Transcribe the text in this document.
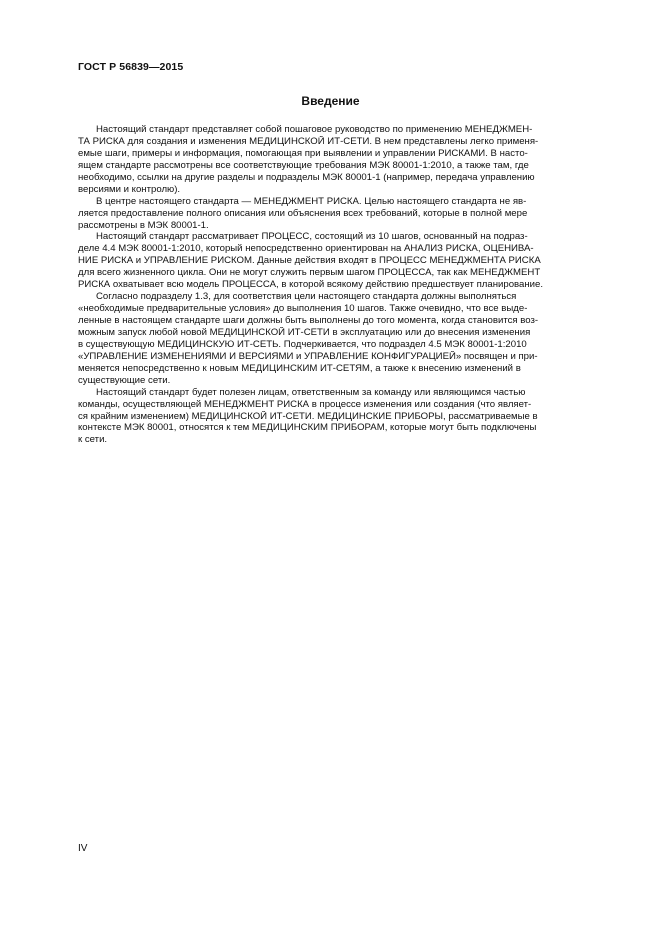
ГОСТ Р 56839—2015
Введение
Настоящий стандарт представляет собой пошаговое руководство по применению МЕНЕДЖМЕН-
ТА РИСКА для создания и изменения МЕДИЦИНСКОЙ ИТ-СЕТИ. В нем представлены легко применя-
емые шаги, примеры и информация, помогающая при выявлении и управлении РИСКАМИ. В насто-
ящем стандарте рассмотрены все соответствующие требования МЭК 80001-1:2010, а также там, где
необходимо, ссылки на другие разделы и подразделы МЭК 80001-1 (например, передача управлению
версиями и контролю).
В центре настоящего стандарта — МЕНЕДЖМЕНТ РИСКА. Целью настоящего стандарта не яв-
ляется предоставление полного описания или объяснения всех требований, которые в полной мере
рассмотрены в МЭК 80001-1.
Настоящий стандарт рассматривает ПРОЦЕСС, состоящий из 10 шагов, основанный на подраз-
деле 4.4 МЭК 80001-1:2010, который непосредственно ориентирован на АНАЛИЗ РИСКА, ОЦЕНИВА-
НИЕ РИСКА и УПРАВЛЕНИЕ РИСКОМ. Данные действия входят в ПРОЦЕСС МЕНЕДЖМЕНТА РИСКА
для всего жизненного цикла. Они не могут служить первым шагом ПРОЦЕССА, так как МЕНЕДЖМЕНТ
РИСКА охватывает всю модель ПРОЦЕССА, в которой всякому действию предшествует планирование.
Согласно подразделу 1.3, для соответствия цели настоящего стандарта должны выполняться
«необходимые предварительные условия» до выполнения 10 шагов. Также очевидно, что все выде-
ленные в настоящем стандарте шаги должны быть выполнены до того момента, когда становится воз-
можным запуск любой новой МЕДИЦИНСКОЙ ИТ-СЕТИ в эксплуатацию или до внесения изменения
в существующую МЕДИЦИНСКУЮ ИТ-СЕТЬ. Подчеркивается, что подраздел 4.5 МЭК 80001-1:2010
«УПРАВЛЕНИЕ ИЗМЕНЕНИЯМИ И ВЕРСИЯМИ и УПРАВЛЕНИЕ КОНФИГУРАЦИЕЙ» посвящен и при-
меняется непосредственно к новым МЕДИЦИНСКИМ ИТ-СЕТЯМ, а также к внесению изменений в
существующие сети.
Настоящий стандарт будет полезен лицам, ответственным за команду или являющимся частью
команды, осуществляющей МЕНЕДЖМЕНТ РИСКА в процессе изменения или создания (что являет-
ся крайним изменением) МЕДИЦИНСКОЙ ИТ-СЕТИ. МЕДИЦИНСКИЕ ПРИБОРЫ, рассматриваемые в
контексте МЭК 80001, относятся к тем МЕДИЦИНСКИМ ПРИБОРАМ, которые могут быть подключены
к сети.
IV
